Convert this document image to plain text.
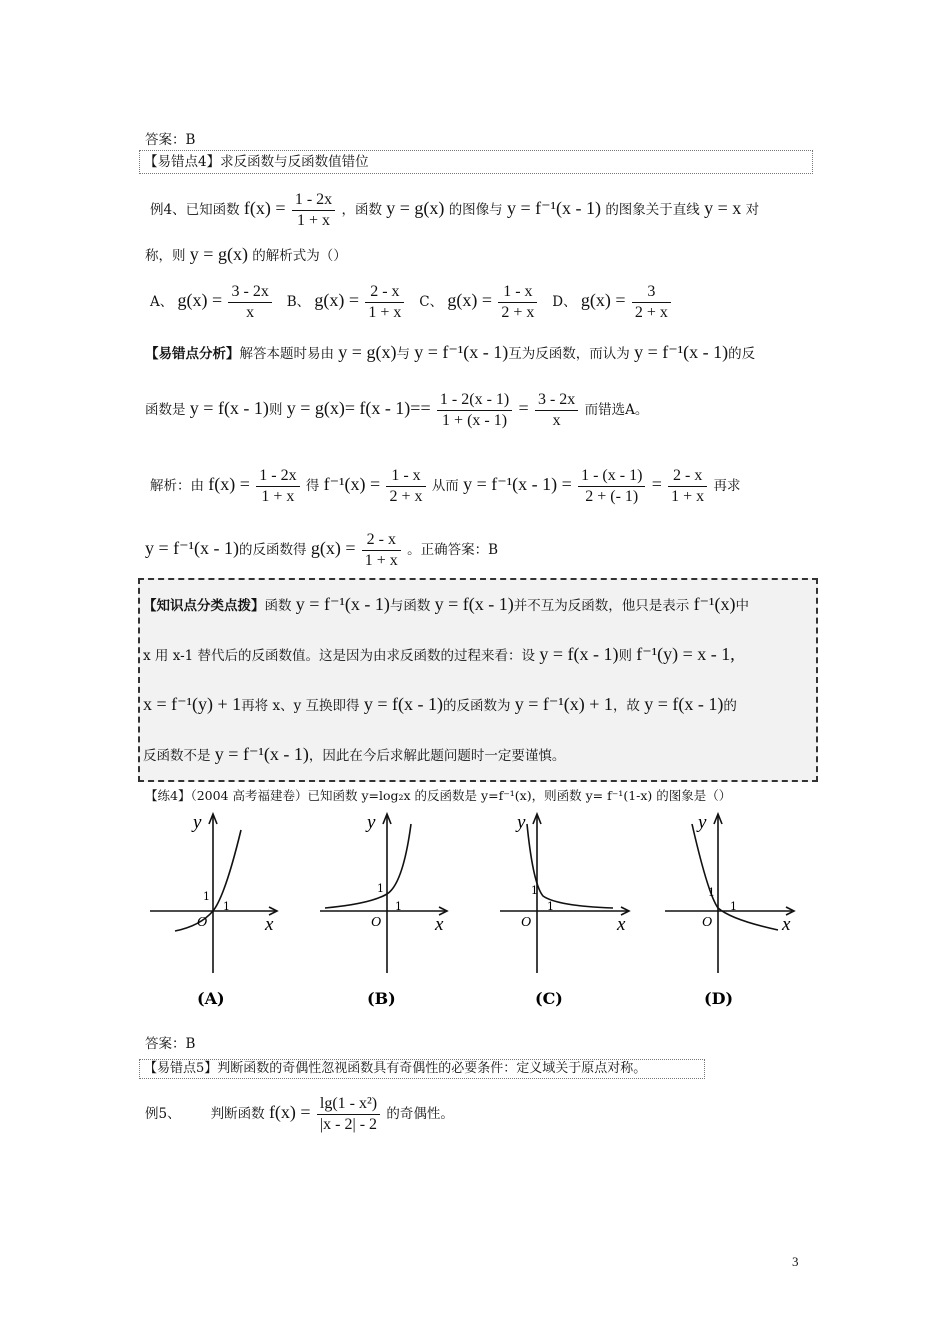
答案：B
【易错点4】求反函数与反函数值错位
例4、已知函数 $f(x) = \frac{1 - 2x}{1 + x}$ ，函数 y = g(x) 的图像与 y = f⁻¹(x - 1) 的图象关于直线 y = x 对
称，则 y = g(x) 的解析式为（）
A、 $g(x) = \frac{3 - 2x}{x}$ B、 $g(x) = \frac{2 - x}{1 + x}$ C、 $g(x) = \frac{1 - x}{2 + x}$ D、 $g(x) = \frac{3}{2 + x}$
【易错点分析】解答本题时易由 y = g(x)与 y = f⁻¹(x - 1)互为反函数，而认为 y = f⁻¹(x - 1)的反
函数是 y = f(x - 1)则 $y = g(x)= f(x - 1)== \frac{1 - 2(x - 1)}{1 + (x - 1)} = \frac{3 - 2x}{x}$ 而错选A。
解析：由 $f(x) = \frac{1 - 2x}{1 + x}$ 得 $f^{-1}(x) = \frac{1 - x}{2 + x}$ 从而 $y = f^{-1}(x - 1) = \frac{1 - (x - 1)}{2 + (- 1)} = \frac{2 - x}{1 + x}$ 再求
y = f⁻¹(x - 1)的反函数得 $g(x) = \frac{2 - x}{1 + x}$ 。正确答案：B
【知识点分类点拨】函数 y = f⁻¹(x - 1)与函数 y = f(x - 1)并不互为反函数，他只是表示 f⁻¹(x)中
x 用 x-1 替代后的反函数值。这是因为由求反函数的过程来看：设 y = f(x - 1)则 f⁻¹(y) = x - 1,
x = f⁻¹(y) + 1再将 x、y 互换即得 y = f(x - 1)的反函数为 y = f⁻¹(x) + 1，故 y = f(x - 1)的
反函数不是 y = f⁻¹(x - 1)，因此在今后求解此题问题时一定要谨慎。
【练4】（2004 高考福建卷）已知函数 y=log₂x 的反函数是 y=f⁻¹(x)，则函数 y= f⁻¹(1-x) 的图象是（）
y
x
O
1
1
(A)
y
x
O
1
1
(B)
y
x
O
1
1
(C)
y
x
O
1
1
(D)
答案：B
【易错点5】判断函数的奇偶性忽视函数具有奇偶性的必要条件：定义域关于原点对称。
例5、 判断函数 $f(x) = \frac{\text{lg(1 - x²)}}{|x - 2| - 2}$ 的奇偶性。
3
